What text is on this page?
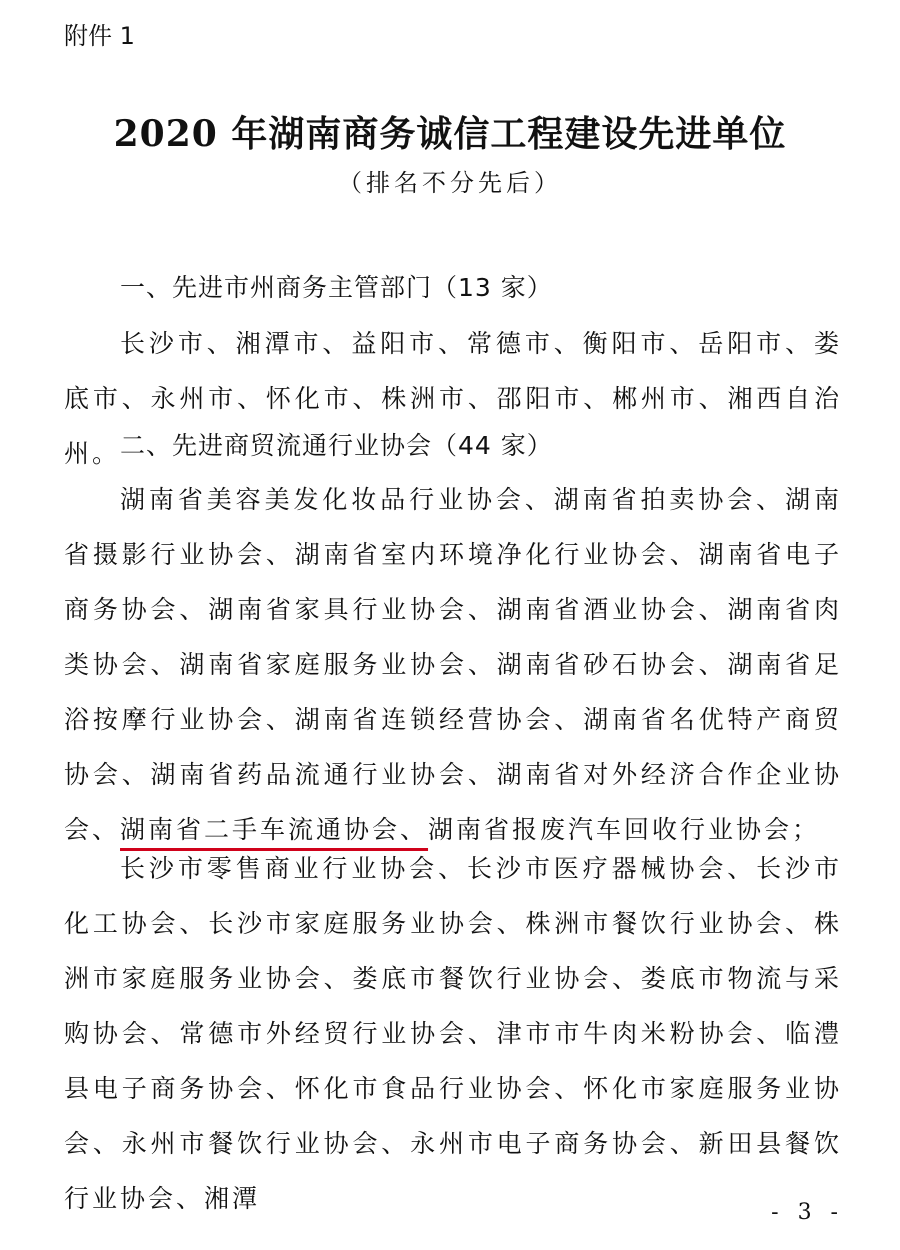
附件 1
2020 年湖南商务诚信工程建设先进单位
（排名不分先后）
一、先进市州商务主管部门（13 家）
长沙市、湘潭市、益阳市、常德市、衡阳市、岳阳市、娄底市、永州市、怀化市、株洲市、邵阳市、郴州市、湘西自治州。 二、先进商贸流通行业协会（44 家）
湖南省美容美发化妆品行业协会、湖南省拍卖协会、湖南省摄影行业协会、湖南省室内环境净化行业协会、湖南省电子商务协会、湖南省家具行业协会、湖南省酒业协会、湖南省肉类协会、湖南省家庭服务业协会、湖南省砂石协会、湖南省足浴按摩行业协会、湖南省连锁经营协会、湖南省名优特产商贸协会、湖南省药品流通行业协会、湖南省对外经济合作企业协会、湖南省二手车流通协会、湖南省报废汽车回收行业协会；
长沙市零售商业行业协会、长沙市医疗器械协会、长沙市化工协会、长沙市家庭服务业协会、株洲市餐饮行业协会、株洲市家庭服务业协会、娄底市餐饮行业协会、娄底市物流与采购协会、常德市外经贸行业协会、津市市牛肉米粉协会、临澧县电子商务协会、怀化市食品行业协会、怀化市家庭服务业协会、永州市餐饮行业协会、永州市电子商务协会、新田县餐饮行业协会、湘潭	- 3 -
